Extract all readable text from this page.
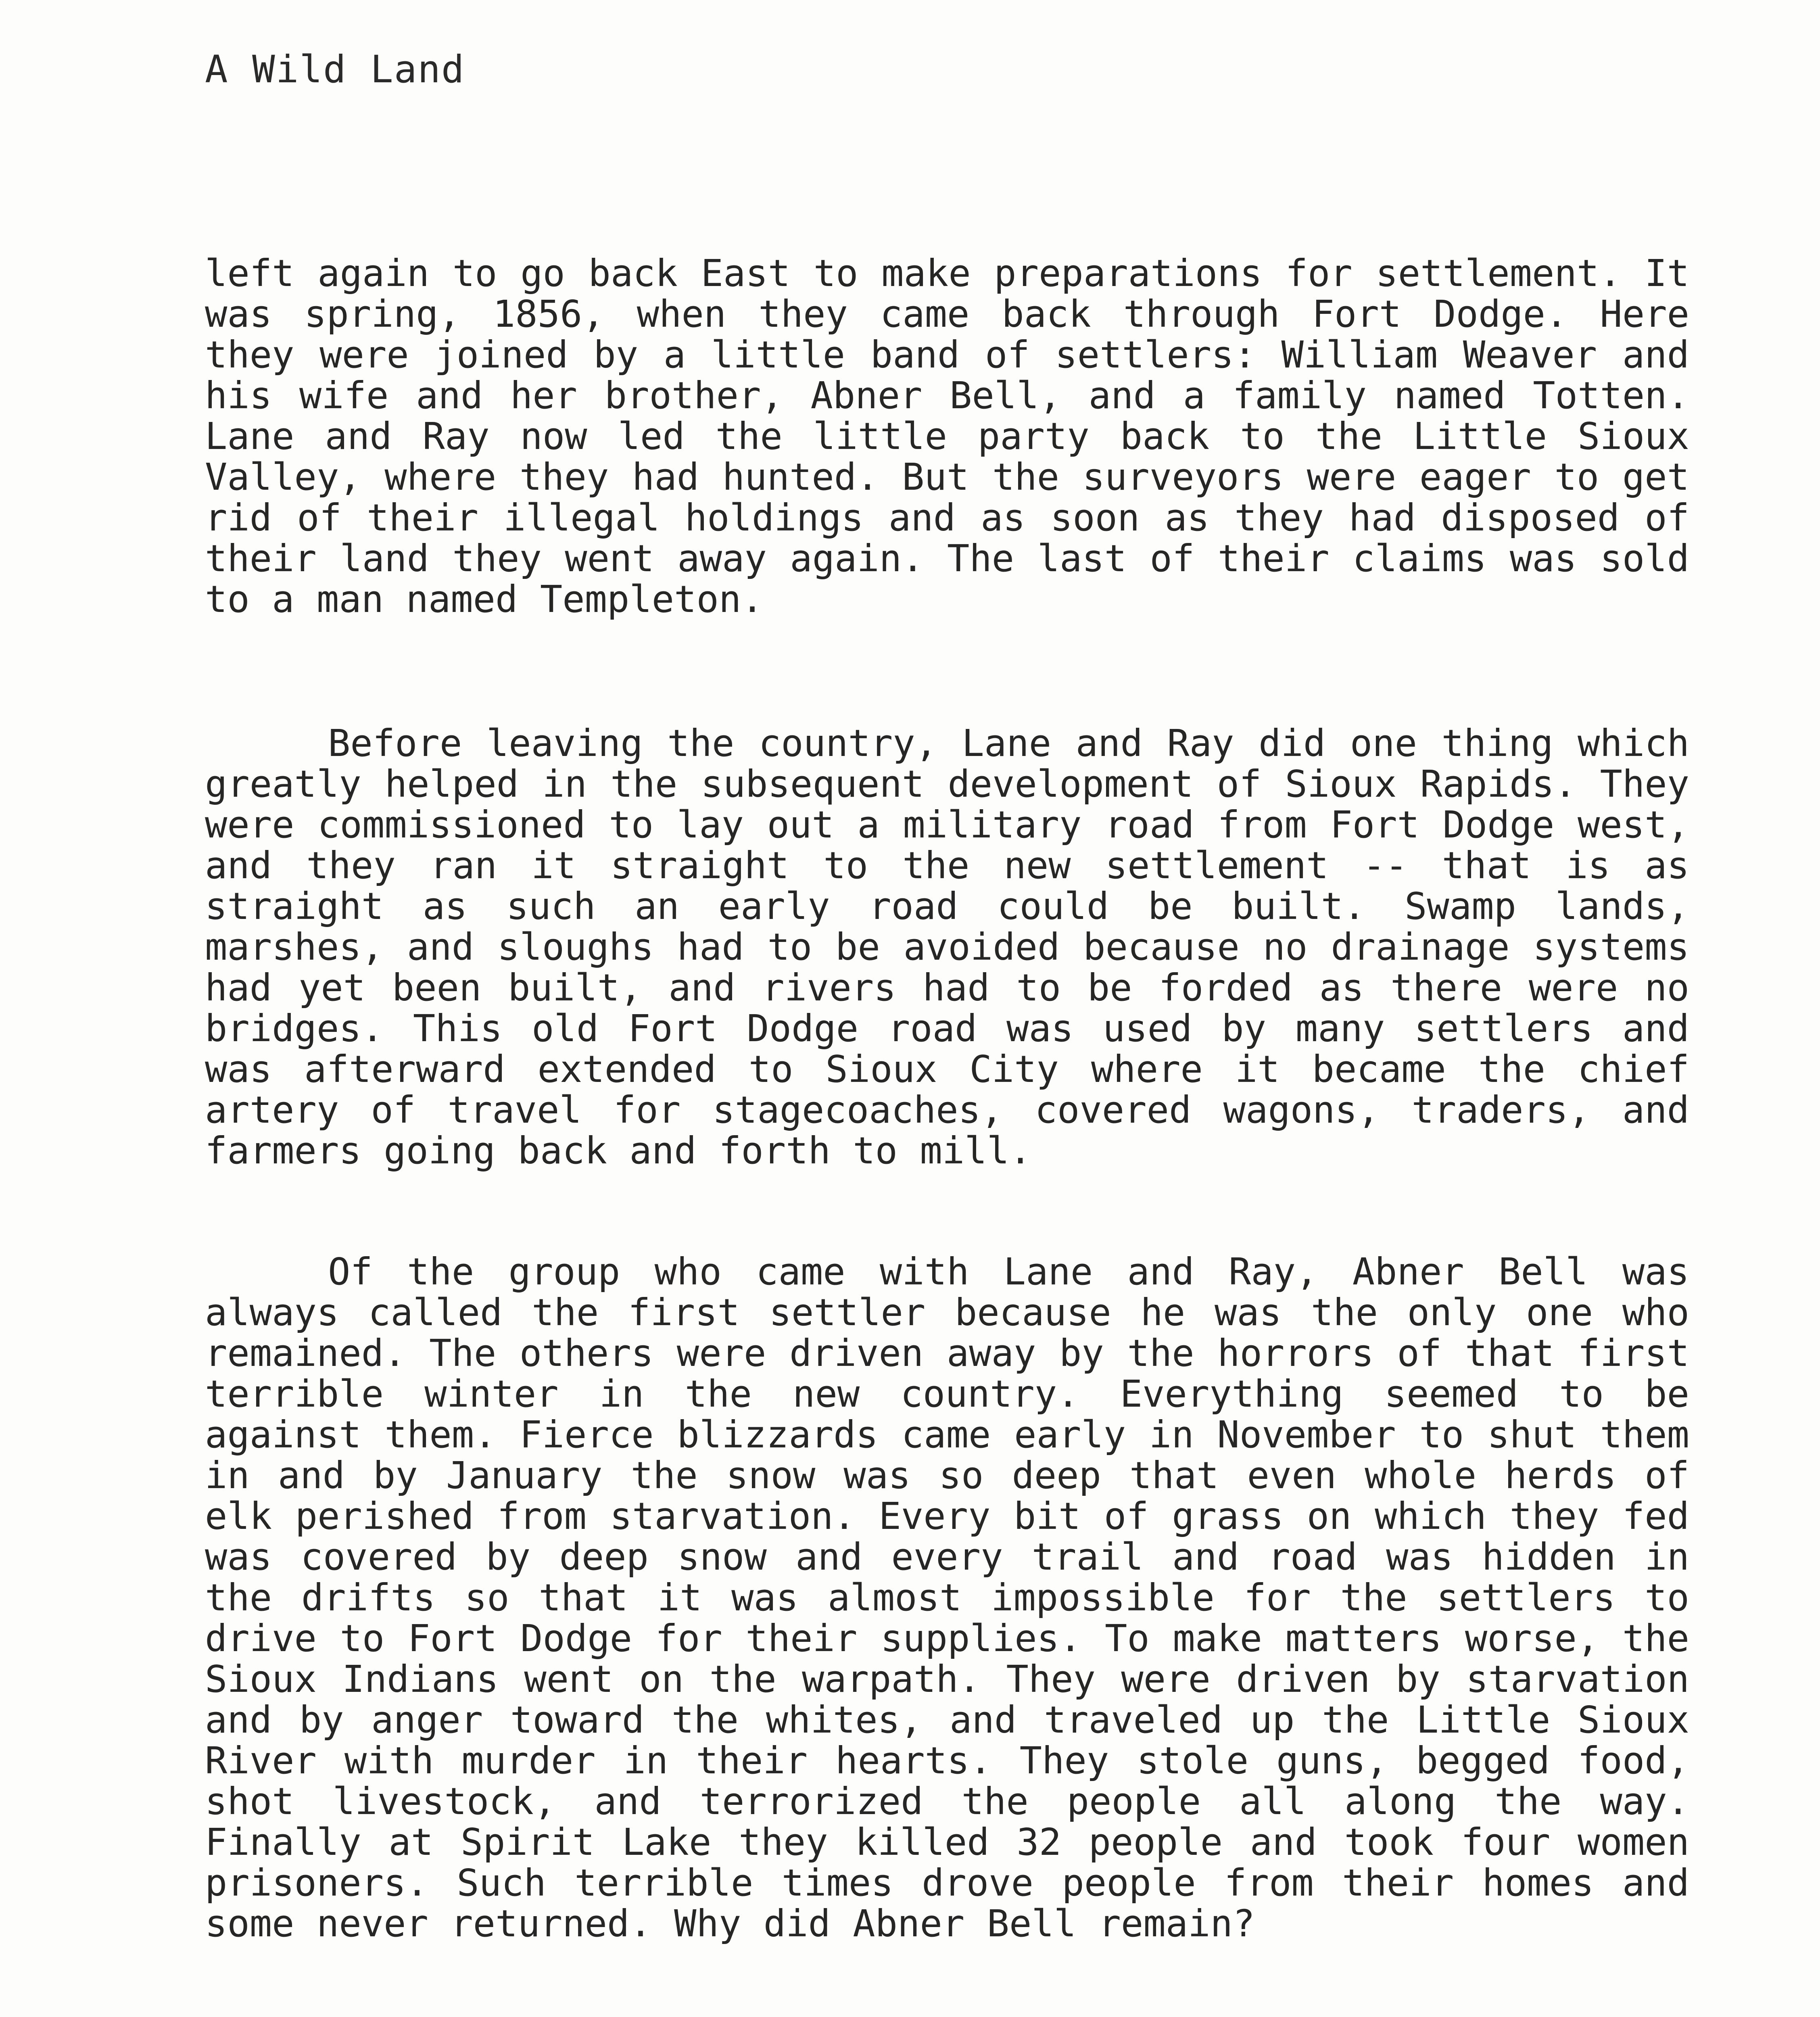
A Wild Land

left again to go back East to make preparations for settlement. It was spring, 1856, when they came back through Fort Dodge. Here they were joined by a little band of settlers: William Weaver and his wife and her brother, Abner Bell, and a family named Totten. Lane and Ray now led the little party back to the Little Sioux Valley, where they had hunted. But the surveyors were eager to get rid of their illegal holdings and as soon as they had disposed of their land they went away again. The last of their claims was sold to a man named Templeton.

Before leaving the country, Lane and Ray did one thing which greatly helped in the subsequent development of Sioux Rapids. They were commissioned to lay out a military road from Fort Dodge west, and they ran it straight to the new settlement -- that is as straight as such an early road could be built. Swamp lands, marshes, and sloughs had to be avoided because no drainage systems had yet been built, and rivers had to be forded as there were no bridges. This old Fort Dodge road was used by many settlers and was afterward extended to Sioux City where it became the chief artery of travel for stagecoaches, covered wagons, traders, and farmers going back and forth to mill.

Of the group who came with Lane and Ray, Abner Bell was always called the first settler because he was the only one who remained. The others were driven away by the horrors of that first terrible winter in the new country. Everything seemed to be against them. Fierce blizzards came early in November to shut them in and by January the snow was so deep that even whole herds of elk perished from starvation. Every bit of grass on which they fed was covered by deep snow and every trail and road was hidden in the drifts so that it was almost impossible for the settlers to drive to Fort Dodge for their supplies. To make matters worse, the Sioux Indians went on the warpath. They were driven by starvation and by anger toward the whites, and traveled up the Little Sioux River with murder in their hearts. They stole guns, begged food, shot livestock, and terrorized the people all along the way. Finally at Spirit Lake they killed 32 people and took four women prisoners. Such terrible times drove people from their homes and some never returned. Why did Abner Bell remain?
